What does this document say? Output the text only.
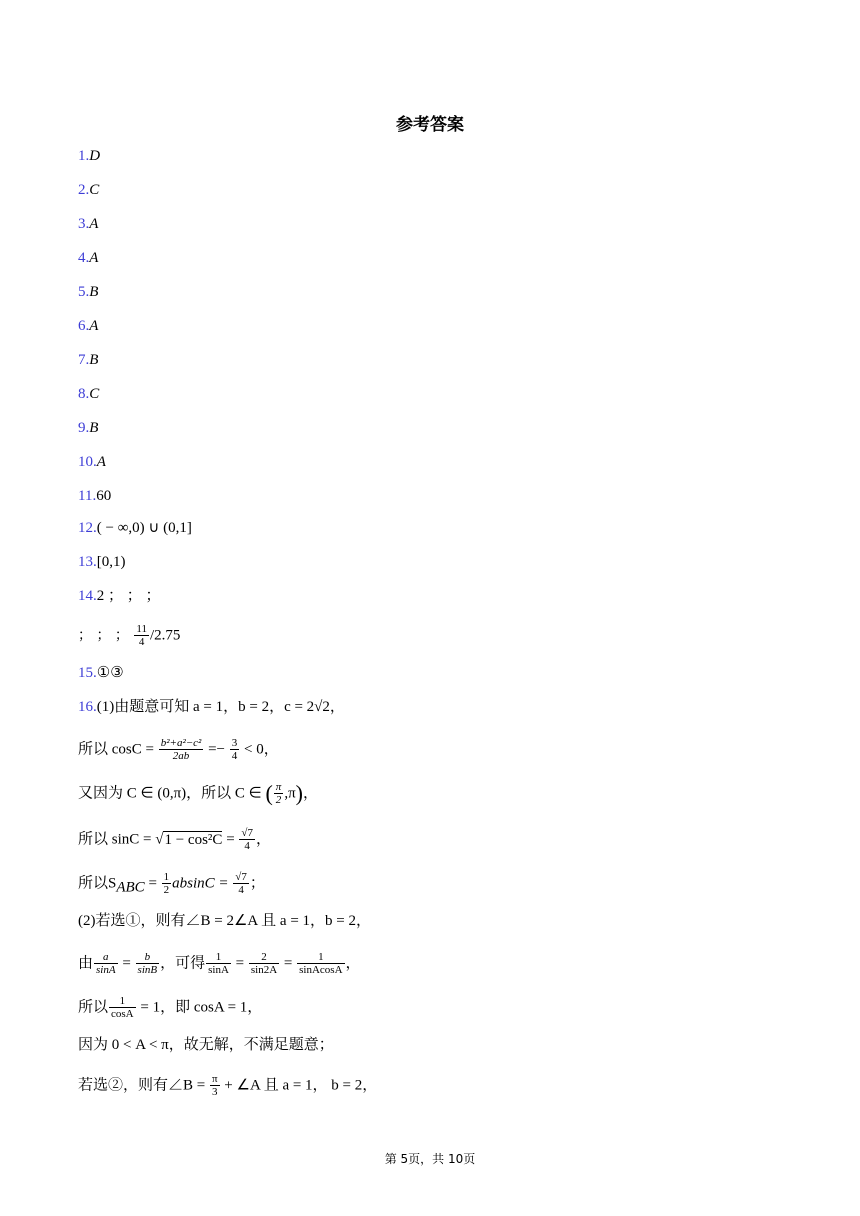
参考答案
1.D
2.C
3.A
4.A
5.B
6.A
7.B
8.C
9.B
10.A
11.60
12.( − ∞,0) ∪ (0,1]
13.[0,1)
14.2 ； ； ；
； ； ； $\frac{11}{4} /2.75$
15.①③
16.(1)由题意可知 a = 1，b = 2，c = 2√2，
所以 $\cos C = \frac{\text{b²+a²−c²}}{2ab} =- \frac{3}{4} < 0$，
又因为 C ∈ (0,π)，所以 C ∈ ( $\frac{\pi}{2} ,\pi$)，
所以 $\sin C = √1 - \cos^2C = \frac{√7}{4}$ ，
所以$S_{ABC} = \frac{1}{2}$ $absinC = \frac{√7}{4}$ ；
(2)若选①，则有∠B = 2∠A 且 a = 1，b = 2，
由 $\frac{a}{\sin A} = \frac{b}{\sin B}$ ，可得 $\frac{1}{\sin A} = \frac{2}{\sin 2A} = \frac{1}{\text{sinAcosA}}$ ，
所以 $\frac{1}{\cos A} = 1$，即 cosA = 1，
因为 0 < A < π，故无解，不满足题意；
若选②，则有∠B = $\frac{\pi}{3}$ + ∠A 且 a = 1， b = 2，
第 5页，共 10页
